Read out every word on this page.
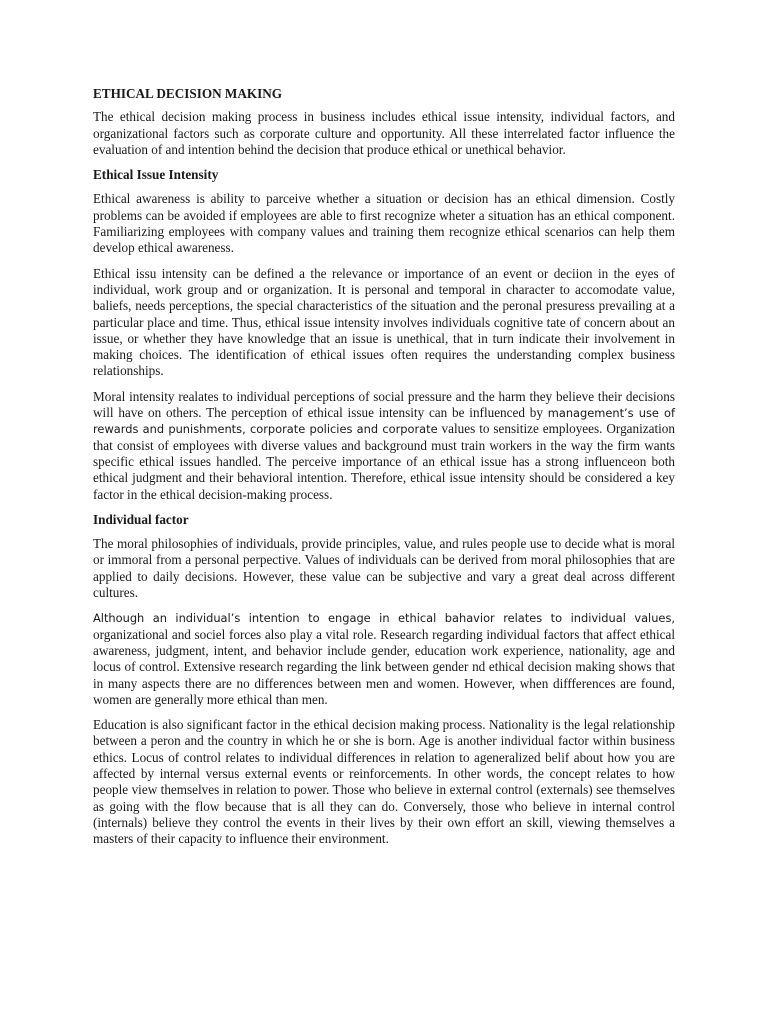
ETHICAL DECISION MAKING

The ethical decision making process in business includes ethical issue intensity, individual factors, and organizational factors such as corporate culture and opportunity. All these interrelated factor influence the evaluation of and intention behind the decision that produce ethical or unethical behavior.

Ethical Issue Intensity

Ethical awareness is ability to parceive whether a situation or decision has an ethical dimension. Costly problems can be avoided if employees are able to first recognize wheter a situation has an ethical component. Familiarizing employees with company values and training them recognize ethical scenarios can help them develop ethical awareness.

Ethical issu intensity can be defined a the relevance or importance of an event or deciion in the eyes of individual, work group and or organization. It is personal and temporal in character to accomodate value, baliefs, needs perceptions, the special characteristics of the situation and the peronal presuress prevailing at a particular place and time. Thus, ethical issue intensity involves individuals cognitive tate of concern about an issue, or whether they have knowledge that an issue is unethical, that in turn indicate their involvement in making choices. The identification of ethical issues often requires the understanding complex business relationships.

Moral intensity realates to individual perceptions of social pressure and the harm they believe their decisions will have on others. The perception of ethical issue intensity can be influenced by management’s use of rewards and punishments, corporate policies and corporate values to sensitize employees. Organization that consist of employees with diverse values and background must train workers in the way the firm wants specific ethical issues handled. The perceive importance of an ethical issue has a strong influenceon both ethical judgment and their behavioral intention. Therefore, ethical issue intensity should be considered a key factor in the ethical decision-making process.

Individual factor

The moral philosophies of individuals, provide principles, value, and rules people use to decide what is moral or immoral from a personal perpective. Values of individuals can be derived from moral philosophies that are applied to daily decisions. However, these value can be subjective and vary a great deal across different cultures.

Although an individual’s intention to engage in ethical bahavior relates to individual values, organizational and sociel forces also play a vital role. Research regarding individual factors that affect ethical awareness, judgment, intent, and behavior include gender, education work experience, nationality, age and locus of control. Extensive research regarding the link between gender nd ethical decision making shows that in many aspects there are no differences between men and women. However, when diffferences are found, women are generally more ethical than men.

Education is also significant factor in the ethical decision making process. Nationality is the legal relationship between a peron and the country in which he or she is born. Age is another individual factor within business ethics. Locus of control relates to individual differences in relation to ageneralized belif about how you are affected by internal versus external events or reinforcements. In other words, the concept relates to how people view themselves in relation to power. Those who believe in external control (externals) see themselves as going with the flow because that is all they can do. Conversely, those who believe in internal control (internals) believe they control the events in their lives by their own effort an skill, viewing themselves a masters of their capacity to influence their environment.
